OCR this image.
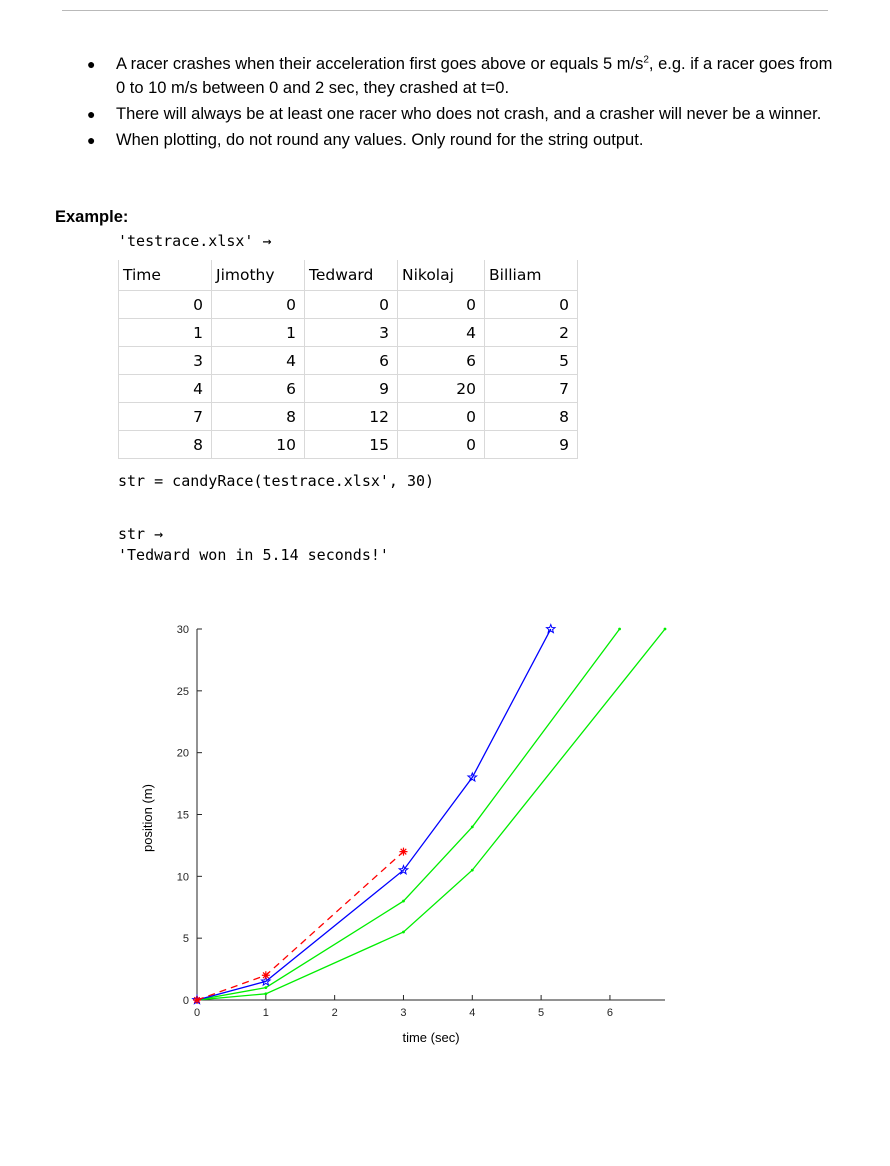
● A racer crashes when their acceleration first goes above or equals 5 $m/s^2$, e.g. if a racer goes from 0 to 10 m/s between 0 and 2 sec, they crashed at t=0.
● There will always be at least one racer who does not crash, and a crasher will never be a winner.
● When plotting, do not round any values. Only round for the string output.
Example:
'testrace.xlsx' →
Time	Jimothy	Tedward	Nikolaj	Billiam
0	0	0	0	0
1	1	3	4	2
3	4	6	6	5
4	6	9	20	7
7	8	12	0	8
8	10	15	0	9
str = candyRace(testrace.xlsx', 30)
str →
'Tedward won in 5.14 seconds!'
0	1	2	3	4	5	6
0
5
10
15
20
25
30
time (sec)
position (m)
